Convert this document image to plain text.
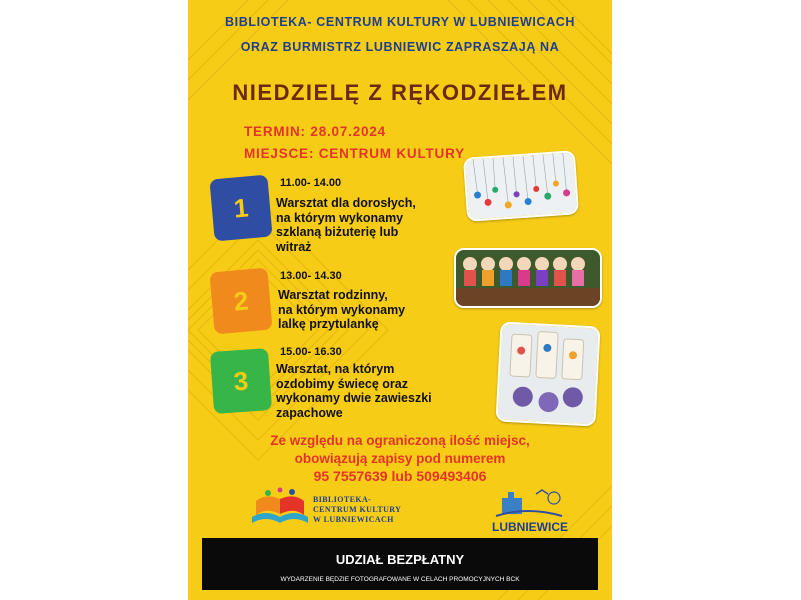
BIBLIOTEKA- CENTRUM KULTURY W LUBNIEWICACH
ORAZ BURMISTRZ LUBNIEWIC ZAPRASZAJĄ NA
NIEDZIELĘ Z RĘKODZIEŁEM
TERMIN: 28.07.2024
MIEJSCE: CENTRUM KULTURY
1
11.00- 14.00
Warsztat dla dorosłych,
na którym wykonamy
szklaną biżuterię lub
witraż
2
13.00- 14.30
Warsztat rodzinny,
na którym wykonamy
lalkę przytulankę
3
15.00- 16.30
Warsztat, na którym
ozdobimy świecę oraz
wykonamy dwie zawieszki
zapachowe
Ze względu na ograniczoną ilość miejsc,
obowiązują zapisy pod numerem
95 7557639 lub 509493406
BIBLIOTEKA-
CENTRUM KULTURY
W LUBNIEWICACH
LUBNIEWICE
UDZIAŁ BEZPŁATNY
WYDARZENIE BĘDZIE FOTOGRAFOWANE W CELACH PROMOCYJNYCH BCK
